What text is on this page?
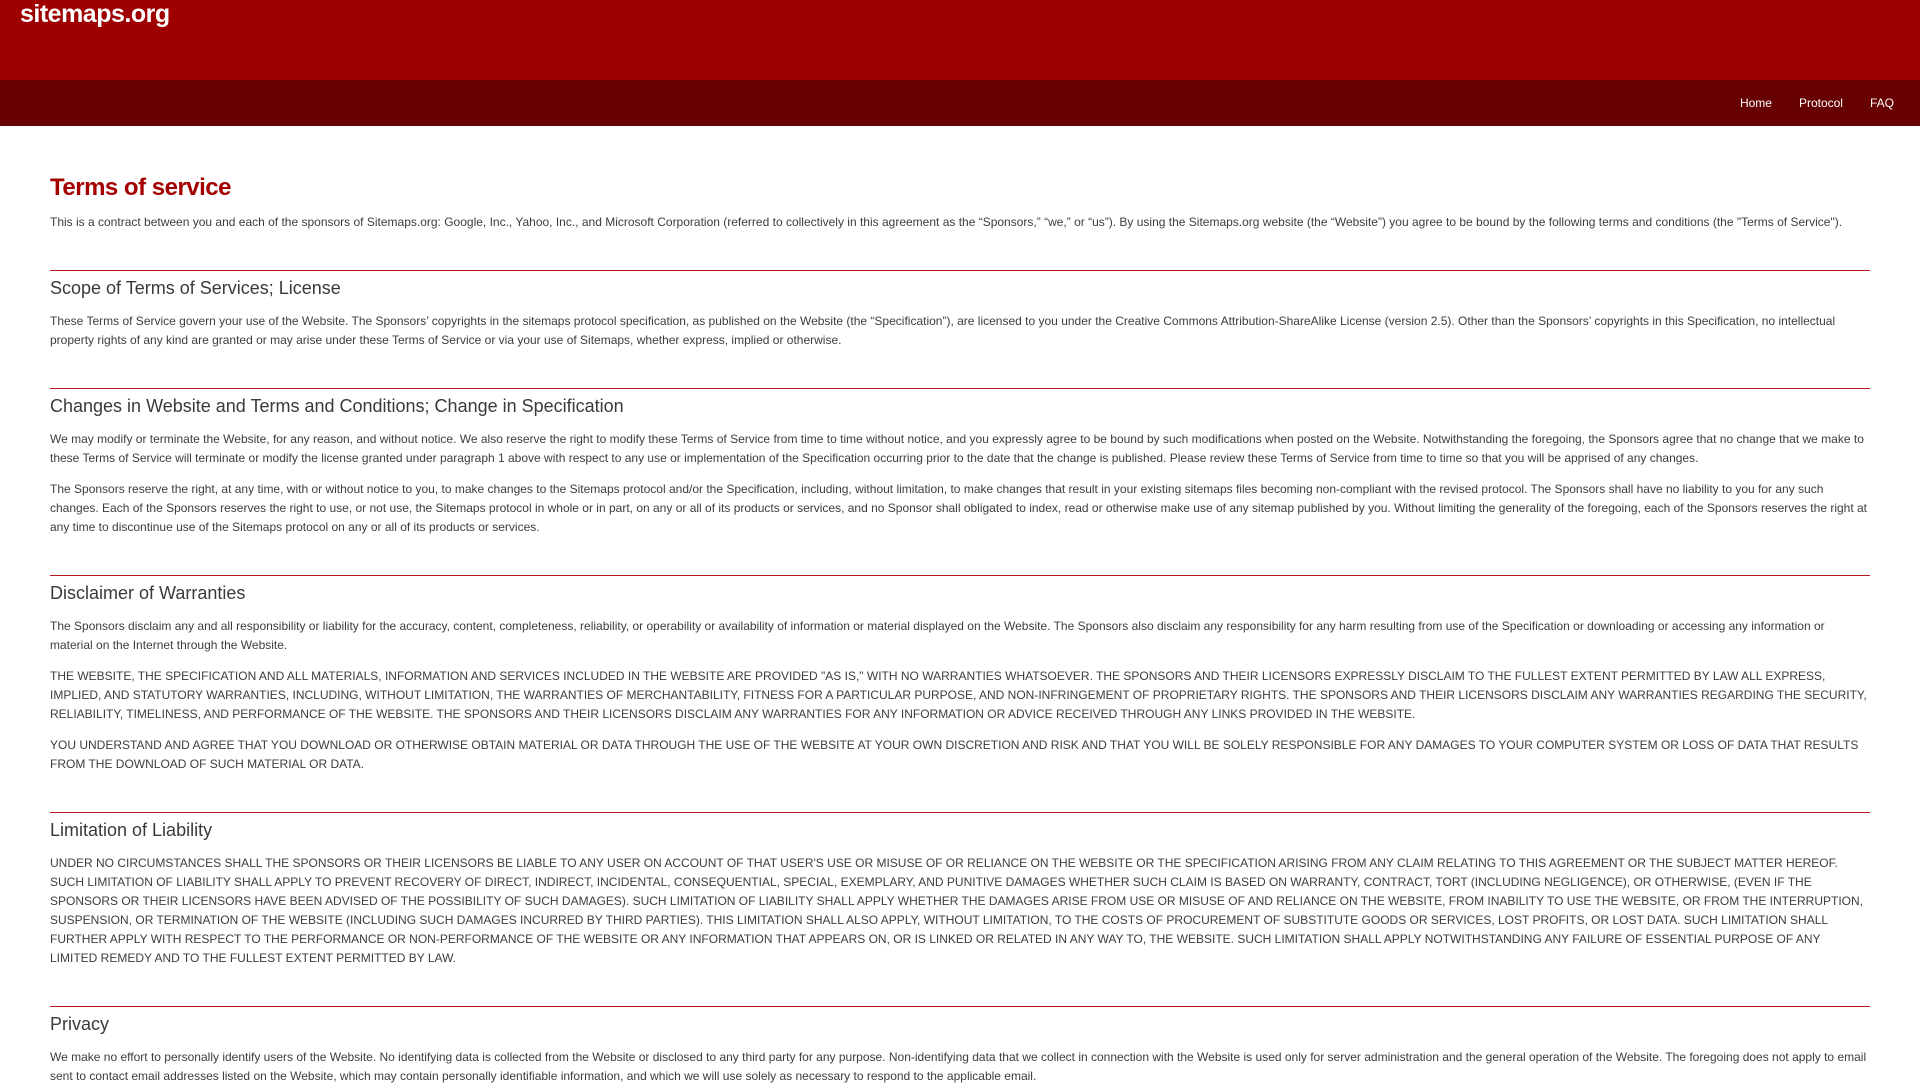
sitemaps.org
Home Protocol FAQ
Terms of service

This is a contract between you and each of the sponsors of Sitemaps.org: Google, Inc., Yahoo, Inc., and Microsoft Corporation (referred to collectively in this agreement as the “Sponsors,” “we,” or “us”). By using the Sitemaps.org website (the “Website”) you agree to be bound by the following terms and conditions (the "Terms of Service").

Scope of Terms of Services; License

These Terms of Service govern your use of the Website. The Sponsors’ copyrights in the sitemaps protocol specification, as published on the Website (the “Specification”), are licensed to you under the Creative Commons Attribution-ShareAlike License (version 2.5). Other than the Sponsors’ copyrights in this Specification, no intellectual property rights of any kind are granted or may arise under these Terms of Service or via your use of Sitemaps, whether express, implied or otherwise.

Changes in Website and Terms and Conditions; Change in Specification

We may modify or terminate the Website, for any reason, and without notice. We also reserve the right to modify these Terms of Service from time to time without notice, and you expressly agree to be bound by such modifications when posted on the Website. Notwithstanding the foregoing, the Sponsors agree that no change that we make to these Terms of Service will terminate or modify the license granted under paragraph 1 above with respect to any use or implementation of the Specification occurring prior to the date that the change is published. Please review these Terms of Service from time to time so that you will be apprised of any changes.

The Sponsors reserve the right, at any time, with or without notice to you, to make changes to the Sitemaps protocol and/or the Specification, including, without limitation, to make changes that result in your existing sitemaps files becoming non-compliant with the revised protocol. The Sponsors shall have no liability to you for any such changes. Each of the Sponsors reserves the right to use, or not use, the Sitemaps protocol in whole or in part, on any or all of its products or services, and no Sponsor shall obligated to index, read or otherwise make use of any sitemap published by you. Without limiting the generality of the foregoing, each of the Sponsors reserves the right at any time to discontinue use of the Sitemaps protocol on any or all of its products or services.

Disclaimer of Warranties

The Sponsors disclaim any and all responsibility or liability for the accuracy, content, completeness, reliability, or operability or availability of information or material displayed on the Website. The Sponsors also disclaim any responsibility for any harm resulting from use of the Specification or downloading or accessing any information or material on the Internet through the Website.

THE WEBSITE, THE SPECIFICATION AND ALL MATERIALS, INFORMATION AND SERVICES INCLUDED IN THE WEBSITE ARE PROVIDED "AS IS," WITH NO WARRANTIES WHATSOEVER. THE SPONSORS AND THEIR LICENSORS EXPRESSLY DISCLAIM TO THE FULLEST EXTENT PERMITTED BY LAW ALL EXPRESS, IMPLIED, AND STATUTORY WARRANTIES, INCLUDING, WITHOUT LIMITATION, THE WARRANTIES OF MERCHANTABILITY, FITNESS FOR A PARTICULAR PURPOSE, AND NON-INFRINGEMENT OF PROPRIETARY RIGHTS. THE SPONSORS AND THEIR LICENSORS DISCLAIM ANY WARRANTIES REGARDING THE SECURITY, RELIABILITY, TIMELINESS, AND PERFORMANCE OF THE WEBSITE. THE SPONSORS AND THEIR LICENSORS DISCLAIM ANY WARRANTIES FOR ANY INFORMATION OR ADVICE RECEIVED THROUGH ANY LINKS PROVIDED IN THE WEBSITE.

YOU UNDERSTAND AND AGREE THAT YOU DOWNLOAD OR OTHERWISE OBTAIN MATERIAL OR DATA THROUGH THE USE OF THE WEBSITE AT YOUR OWN DISCRETION AND RISK AND THAT YOU WILL BE SOLELY RESPONSIBLE FOR ANY DAMAGES TO YOUR COMPUTER SYSTEM OR LOSS OF DATA THAT RESULTS FROM THE DOWNLOAD OF SUCH MATERIAL OR DATA.

Limitation of Liability

UNDER NO CIRCUMSTANCES SHALL THE SPONSORS OR THEIR LICENSORS BE LIABLE TO ANY USER ON ACCOUNT OF THAT USER'S USE OR MISUSE OF OR RELIANCE ON THE WEBSITE OR THE SPECIFICATION ARISING FROM ANY CLAIM RELATING TO THIS AGREEMENT OR THE SUBJECT MATTER HEREOF. SUCH LIMITATION OF LIABILITY SHALL APPLY TO PREVENT RECOVERY OF DIRECT, INDIRECT, INCIDENTAL, CONSEQUENTIAL, SPECIAL, EXEMPLARY, AND PUNITIVE DAMAGES WHETHER SUCH CLAIM IS BASED ON WARRANTY, CONTRACT, TORT (INCLUDING NEGLIGENCE), OR OTHERWISE, (EVEN IF THE SPONSORS OR THEIR LICENSORS HAVE BEEN ADVISED OF THE POSSIBILITY OF SUCH DAMAGES). SUCH LIMITATION OF LIABILITY SHALL APPLY WHETHER THE DAMAGES ARISE FROM USE OR MISUSE OF AND RELIANCE ON THE WEBSITE, FROM INABILITY TO USE THE WEBSITE, OR FROM THE INTERRUPTION, SUSPENSION, OR TERMINATION OF THE WEBSITE (INCLUDING SUCH DAMAGES INCURRED BY THIRD PARTIES). THIS LIMITATION SHALL ALSO APPLY, WITHOUT LIMITATION, TO THE COSTS OF PROCUREMENT OF SUBSTITUTE GOODS OR SERVICES, LOST PROFITS, OR LOST DATA. SUCH LIMITATION SHALL FURTHER APPLY WITH RESPECT TO THE PERFORMANCE OR NON-PERFORMANCE OF THE WEBSITE OR ANY INFORMATION THAT APPEARS ON, OR IS LINKED OR RELATED IN ANY WAY TO, THE WEBSITE. SUCH LIMITATION SHALL APPLY NOTWITHSTANDING ANY FAILURE OF ESSENTIAL PURPOSE OF ANY LIMITED REMEDY AND TO THE FULLEST EXTENT PERMITTED BY LAW.

Privacy

We make no effort to personally identify users of the Website. No identifying data is collected from the Website or disclosed to any third party for any purpose. Non-identifying data that we collect in connection with the Website is used only for server administration and the general operation of the Website. The foregoing does not apply to email sent to contact email addresses listed on the Website, which may contain personally identifiable information, and which we will use solely as necessary to respond to the applicable email.
